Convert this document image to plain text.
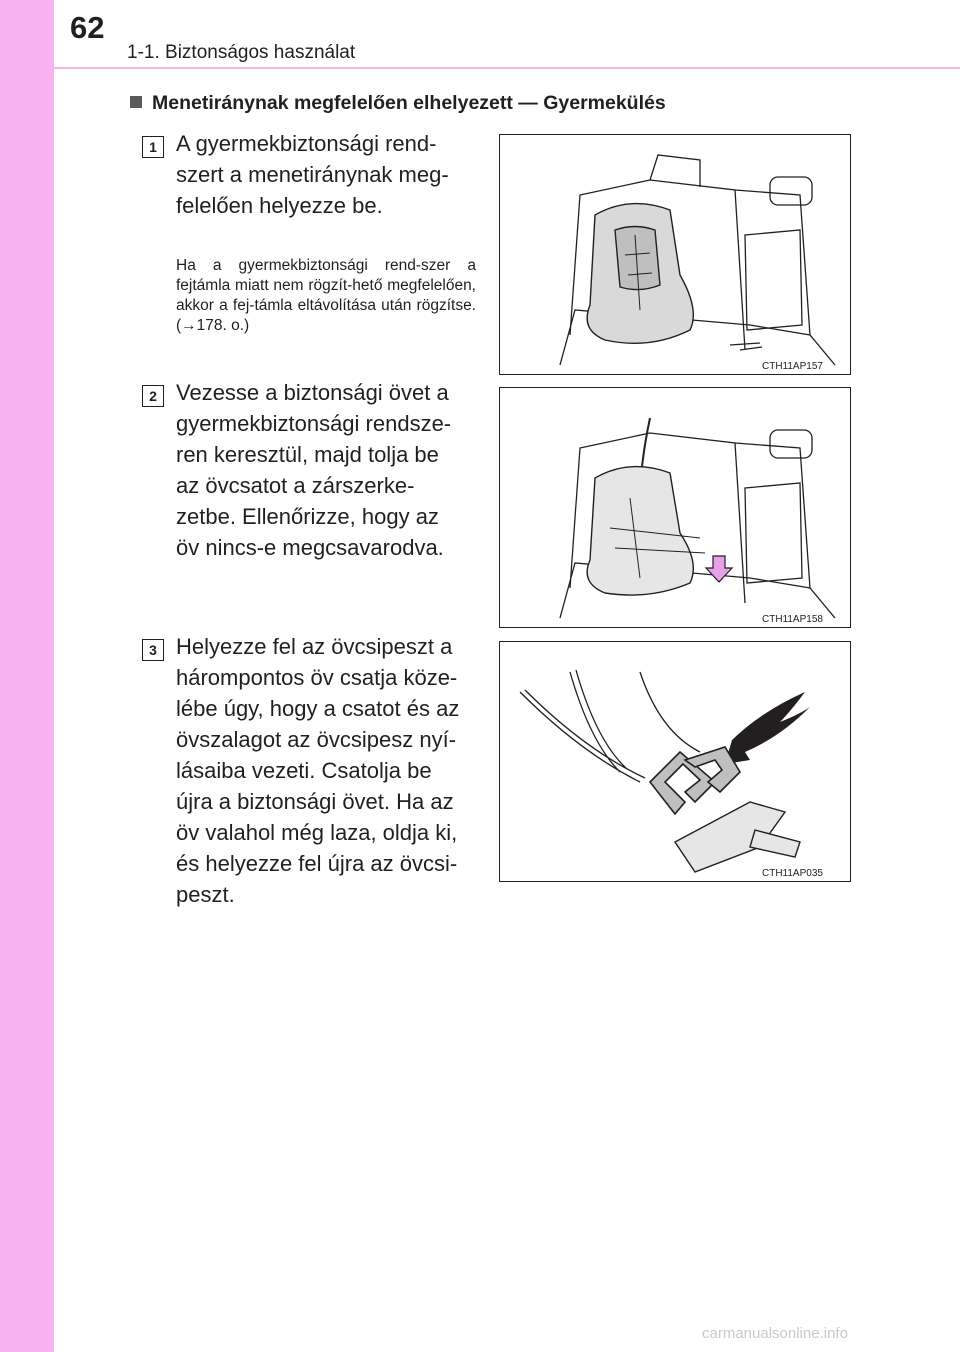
62
1-1. Biztonságos használat
Menetiránynak megfelelően elhelyezett — Gyermekülés
1 A gyermekbiztonsági rend-
szert a menetiránynak meg-
felelően helyezze be.
Ha a gyermekbiztonsági rend-szer a fejtámla miatt nem rögzít-hető megfelelően, akkor a fej-támla eltávolítása után rögzítse. (→178. o.)
CTH11AP157
2 Vezesse a biztonsági övet a
gyermekbiztonsági rendsze-
ren keresztül, majd tolja be
az övcsatot a zárszerke-
zetbe. Ellenőrizze, hogy az
öv nincs-e megcsavarodva.
CTH11AP158
3 Helyezze fel az övcsipeszt a
hárompontos öv csatja köze-
lébe úgy, hogy a csatot és az
övszalagot az övcsipesz nyí-
lásaiba vezeti. Csatolja be
újra a biztonsági övet. Ha az
öv valahol még laza, oldja ki,
és helyezze fel újra az övcsi-
peszt.
CTH11AP035
carmanualsonline.info
